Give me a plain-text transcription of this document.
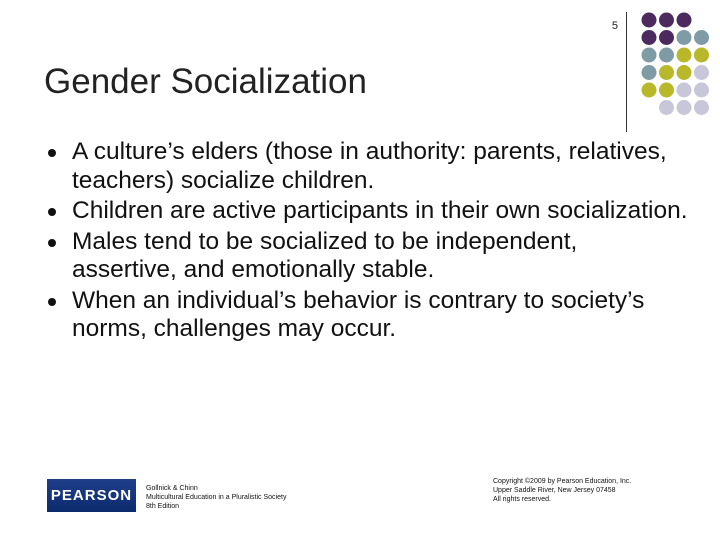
5
Gender Socialization
A culture’s elders (those in authority: parents, relatives, teachers) socialize children.
Children are active participants in their own socialization.
Males tend to be socialized to be independent, assertive, and emotionally stable.
When an individual’s behavior is contrary to society’s norms, challenges may occur.
PEARSON Gollnick & Chinn
Multicultural Education in a Pluralistic Society
8th Edition
Copyright ©2009 by Pearson Education, Inc.
Upper Saddle River, New Jersey 07458
All rights reserved.
